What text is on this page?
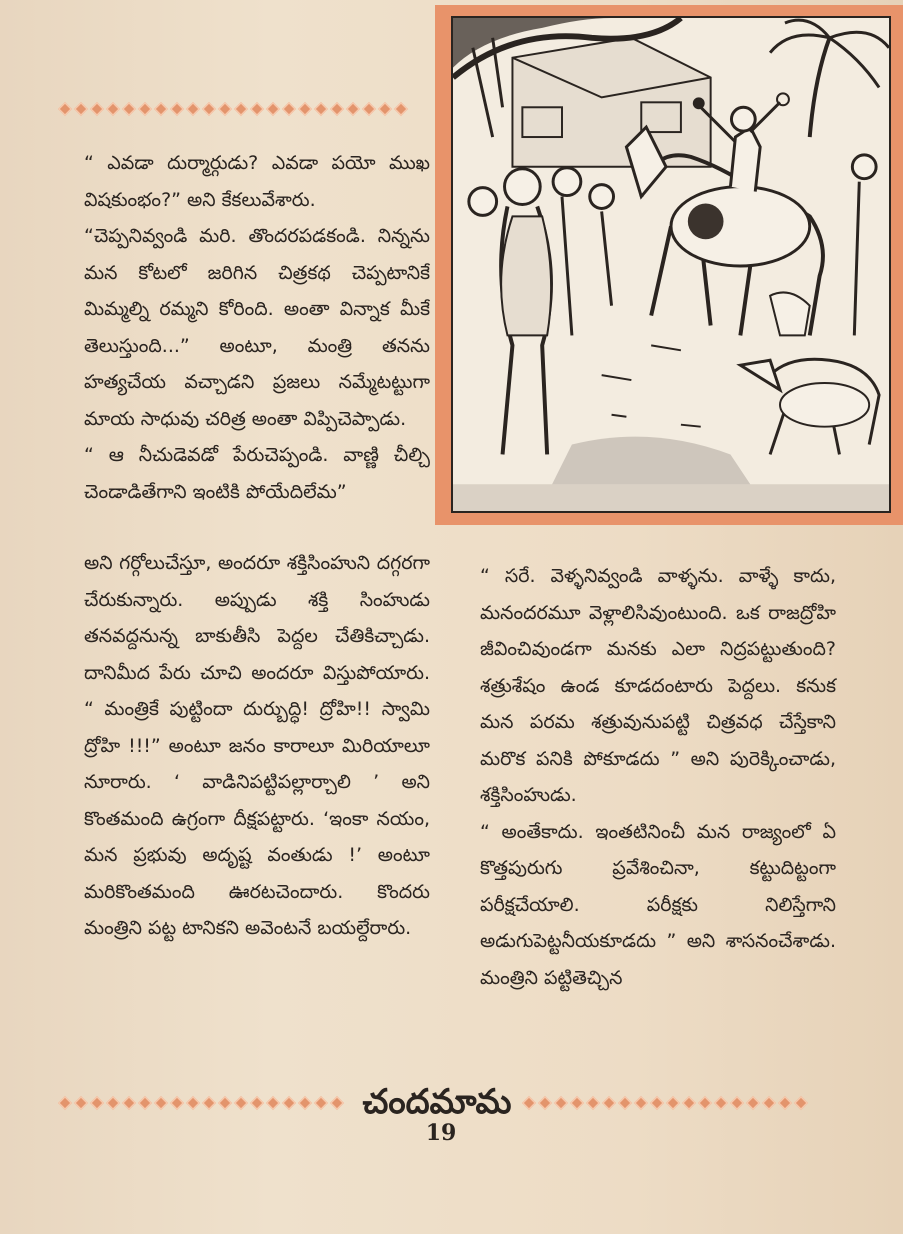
“ ఎవడా దుర్మార్గుడు? ఎవడా పయో ముఖ విషకుంభం?” అని కేకలువేశారు.

“చెప్పనివ్వండి మరి. తొందరపడకండి. నిన్నను మన కోటలో జరిగిన చిత్రకథ చెప్పటానికే మిమ్మల్ని రమ్మని కోరింది. అంతా విన్నాక మీకే తెలుస్తుంది...” అంటూ, మంత్రి తనను హత్యచేయ వచ్చాడని ప్రజలు నమ్మేటట్టుగా మాయ సాధువు చరిత్ర అంతా విప్పిచెప్పాడు.

“ ఆ నీచుడెవడో పేరుచెప్పండి. వాణ్ణి చీల్చి చెండాడితేగాని ఇంటికి పోయేదిలేమ”

అని గర్గోలుచేస్తూ, అందరూ శక్తిసింహుని దగ్గరగా చేరుకున్నారు. అప్పుడు శక్తి సింహుడు తనవద్దనున్న బాకుతీసి పెద్దల చేతికిచ్చాడు. దానిమీద పేరు చూచి అందరూ విస్తుపోయారు. “ మంత్రికే పుట్టిందా దుర్బుద్ధి! ద్రోహి!! స్వామి ద్రోహి !!!” అంటూ జనం కారాలూ మిరియాలూ నూరారు. ‘ వాడినిపట్టిపల్లార్చాలి ’ అని కొంతమంది ఉగ్రంగా దీక్షపట్టారు. ‘ఇంకా నయం, మన ప్రభువు అదృష్ట వంతుడు !’ అంటూ మరికొంతమంది ఊరటచెందారు. కొందరు మంత్రిని పట్ట టానికని అవెంటనే బయల్దేరారు.

“ సరే. వెళ్ళనివ్వండి వాళ్ళను. వాళ్ళే కాదు, మనందరమూ వెళ్లాలిసివుంటుంది. ఒక రాజద్రోహి జీవించివుండగా మనకు ఎలా నిద్రపట్టుతుంది? శత్రుశేషం ఉండ కూడదంటారు పెద్దలు. కనుక మన పరమ శత్రువునుపట్టి చిత్రవధ చేస్తేకాని మరొక పనికి పోకూడదు ” అని పురెక్కించాడు, శక్తిసింహుడు.

“ అంతేకాదు. ఇంతటినించీ మన రాజ్యంలో ఏ కొత్తపురుగు ప్రవేశించినా, కట్టుదిట్టంగా పరీక్షచేయాలి. పరీక్షకు నిలిస్తేగాని అడుగుపెట్టనీయకూడదు ” అని శాసనంచేశాడు. మంత్రిని పట్టితెచ్చిన

చందమామ
19
